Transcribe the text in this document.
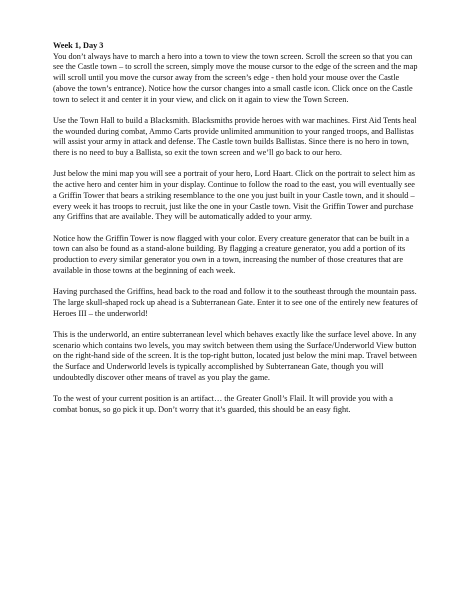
Week 1, Day 3

You don’t always have to march a hero into a town to view the town screen. Scroll the screen so that you can see the Castle town – to scroll the screen, simply move the mouse cursor to the edge of the screen and the map will scroll until you move the cursor away from the screen’s edge - then hold your mouse over the Castle (above the town’s entrance). Notice how the cursor changes into a small castle icon. Click once on the Castle town to select it and center it in your view, and click on it again to view the Town Screen.

Use the Town Hall to build a Blacksmith. Blacksmiths provide heroes with war machines. First Aid Tents heal the wounded during combat, Ammo Carts provide unlimited ammunition to your ranged troops, and Ballistas will assist your army in attack and defense. The Castle town builds Ballistas. Since there is no hero in town, there is no need to buy a Ballista, so exit the town screen and we’ll go back to our hero.

Just below the mini map you will see a portrait of your hero, Lord Haart. Click on the portrait to select him as the active hero and center him in your display. Continue to follow the road to the east, you will eventually see a Griffin Tower that bears a striking resemblance to the one you just built in your Castle town, and it should – every week it has troops to recruit, just like the one in your Castle town. Visit the Griffin Tower and purchase any Griffins that are available. They will be automatically added to your army.

Notice how the Griffin Tower is now flagged with your color. Every creature generator that can be built in a town can also be found as a stand-alone building. By flagging a creature generator, you add a portion of its production to every similar generator you own in a town, increasing the number of those creatures that are available in those towns at the beginning of each week.

Having purchased the Griffins, head back to the road and follow it to the southeast through the mountain pass. The large skull-shaped rock up ahead is a Subterranean Gate. Enter it to see one of the entirely new features of Heroes III – the underworld!

This is the underworld, an entire subterranean level which behaves exactly like the surface level above. In any scenario which contains two levels, you may switch between them using the Surface/Underworld View button on the right-hand side of the screen. It is the top-right button, located just below the mini map. Travel between the Surface and Underworld levels is typically accomplished by Subterranean Gate, though you will undoubtedly discover other means of travel as you play the game.

To the west of your current position is an artifact… the Greater Gnoll’s Flail. It will provide you with a combat bonus, so go pick it up. Don’t worry that it’s guarded, this should be an easy fight.
